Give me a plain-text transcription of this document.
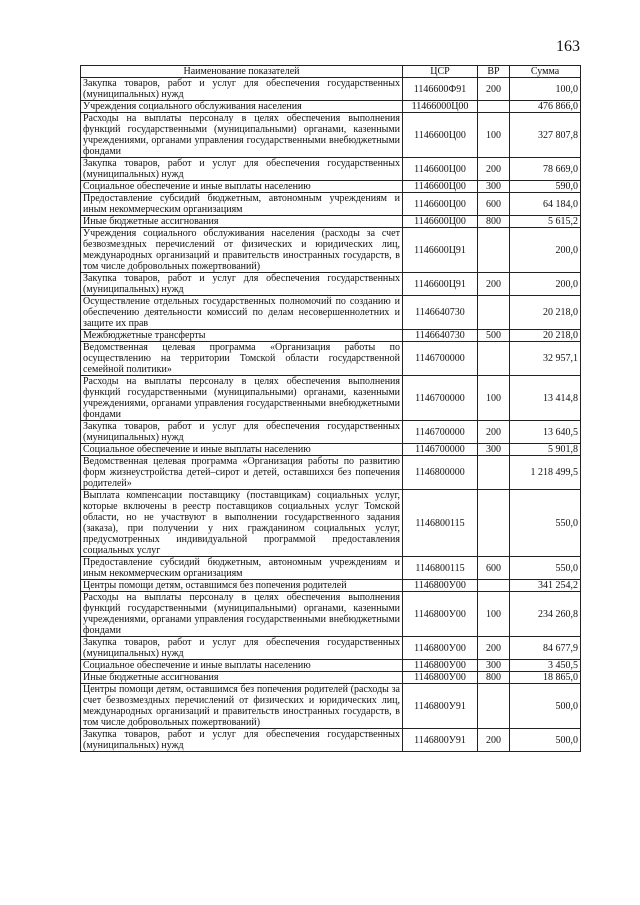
163
Наименование показателей	ЦСР	ВР	Сумма
Закупка товаров, работ и услуг для обеспечения государственных (муниципальных) нужд	1146600Ф91	200	100,0
Учреждения социального обслуживания населения	11466000Ц00		476 866,0
Расходы на выплаты персоналу в целях обеспечения выполнения функций государственными (муниципальными) органами, казенными учреждениями, органами управления государственными внебюджетными фондами	1146600Ц00	100	327 807,8
Закупка товаров, работ и услуг для обеспечения государственных (муниципальных) нужд	1146600Ц00	200	78 669,0
Социальное обеспечение и иные выплаты населению	1146600Ц00	300	590,0
Предоставление субсидий бюджетным, автономным учреждениям и иным некоммерческим организациям	1146600Ц00	600	64 184,0
Иные бюджетные ассигнования	1146600Ц00	800	5 615,2
Учреждения социального обслуживания населения (расходы за счет безвозмездных перечислений от физических и юридических лиц, международных организаций и правительств иностранных государств, в том числе добровольных пожертвований)	1146600Ц91		200,0
Закупка товаров, работ и услуг для обеспечения государственных (муниципальных) нужд	1146600Ц91	200	200,0
Осуществление отдельных государственных полномочий по созданию и обеспечению деятельности комиссий по делам несовершеннолетних и защите их прав	1146640730		20 218,0
Межбюджетные трансферты	1146640730	500	20 218,0
Ведомственная целевая программа «Организация работы по осуществлению на территории Томской области государственной семейной политики»	1146700000		32 957,1
Расходы на выплаты персоналу в целях обеспечения выполнения функций государственными (муниципальными) органами, казенными учреждениями, органами управления государственными внебюджетными фондами	1146700000	100	13 414,8
Закупка товаров, работ и услуг для обеспечения государственных (муниципальных) нужд	1146700000	200	13 640,5
Социальное обеспечение и иные выплаты населению	1146700000	300	5 901,8
Ведомственная целевая программа «Организация работы по развитию форм жизнеустройства детей–сирот и детей, оставшихся без попечения родителей»	1146800000		1 218 499,5
Выплата компенсации поставщику (поставщикам) социальных услуг, которые включены в реестр поставщиков социальных услуг Томской области, но не участвуют в выполнении государственного задания (заказа), при получении у них гражданином социальных услуг, предусмотренных индивидуальной программой предоставления социальных услуг	1146800115		550,0
Предоставление субсидий бюджетным, автономным учреждениям и иным некоммерческим организациям	1146800115	600	550,0
Центры помощи детям, оставшимся без попечения родителей	1146800У00		341 254,2
Расходы на выплаты персоналу в целях обеспечения выполнения функций государственными (муниципальными) органами, казенными учреждениями, органами управления государственными внебюджетными фондами	1146800У00	100	234 260,8
Закупка товаров, работ и услуг для обеспечения государственных (муниципальных) нужд	1146800У00	200	84 677,9
Социальное обеспечение и иные выплаты населению	1146800У00	300	3 450,5
Иные бюджетные ассигнования	1146800У00	800	18 865,0
Центры помощи детям, оставшимся без попечения родителей (расходы за счет безвозмездных перечислений от физических и юридических лиц, международных организаций и правительств иностранных государств, в том числе добровольных пожертвований)	1146800У91		500,0
Закупка товаров, работ и услуг для обеспечения государственных (муниципальных) нужд	1146800У91	200	500,0
